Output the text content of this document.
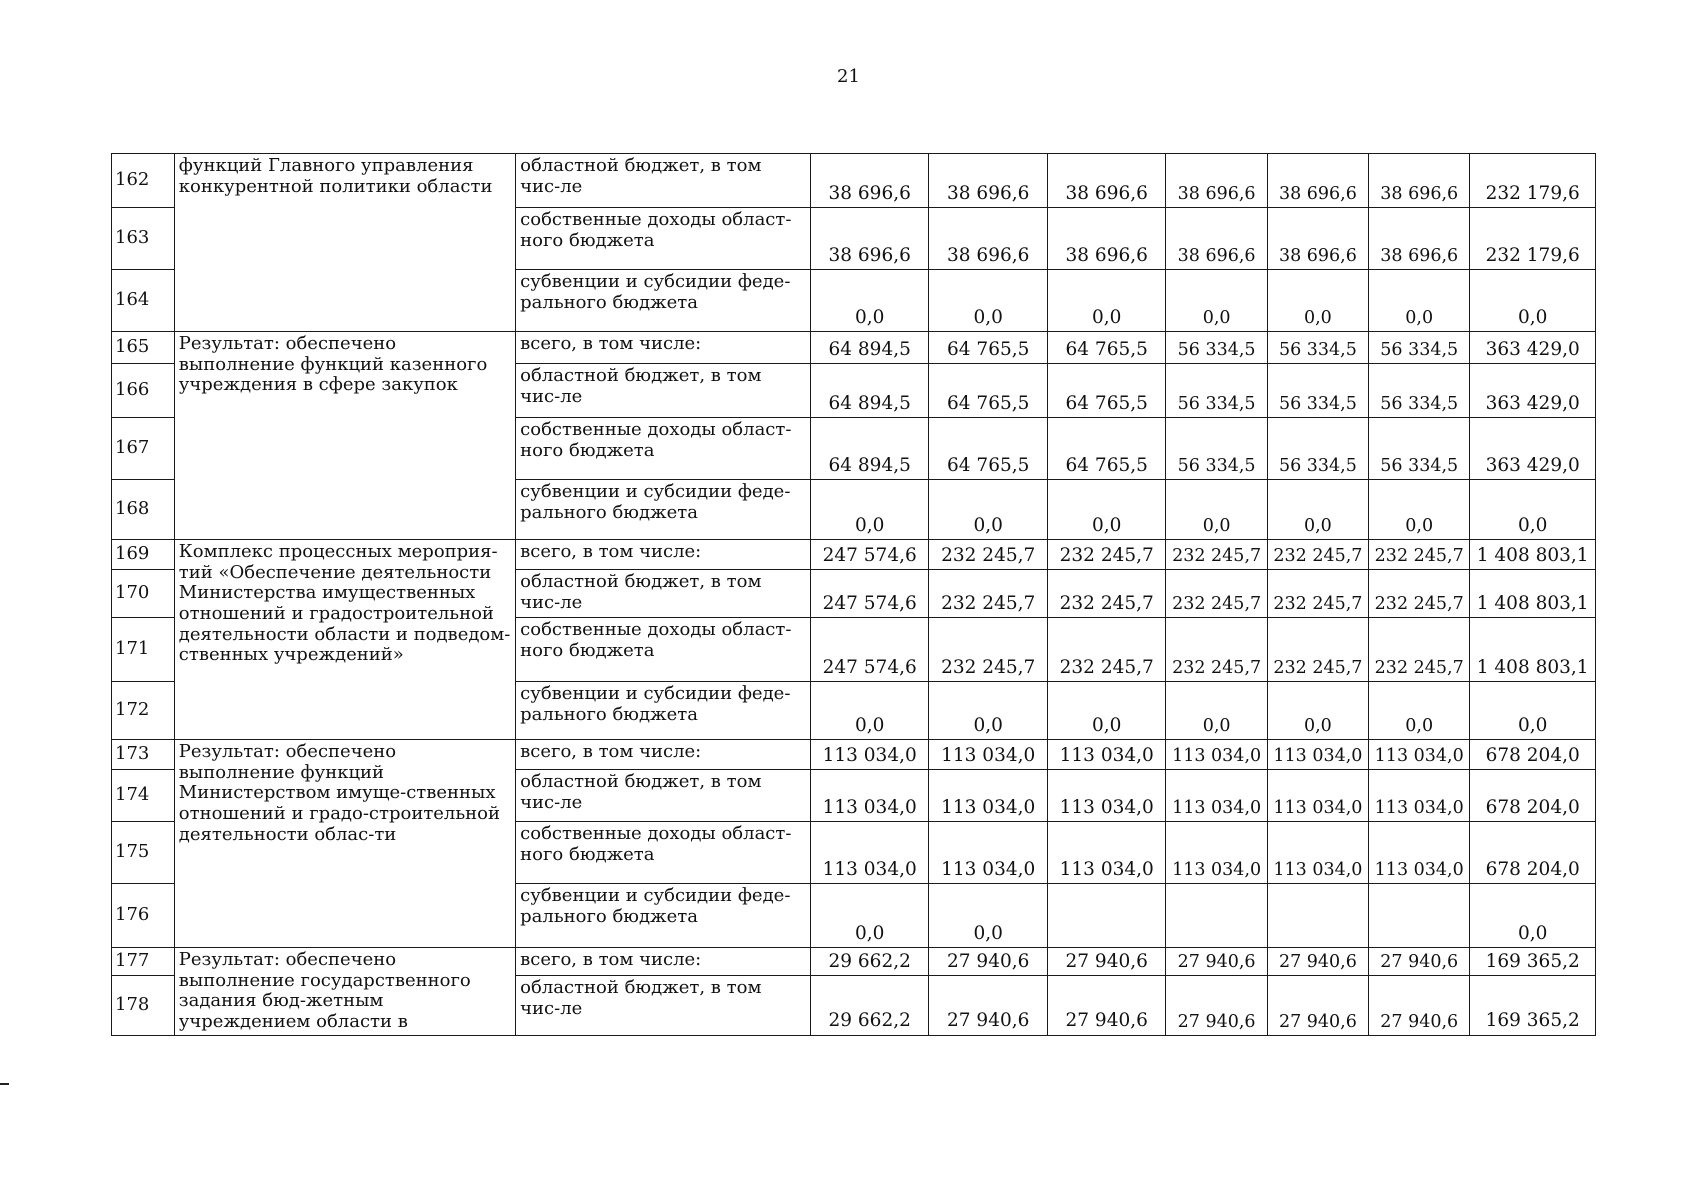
21
162	функций Главного управления конкурентной политики области	областной бюджет, в том чис-ле	38 696,6	38 696,6	38 696,6	38 696,6	38 696,6	38 696,6	232 179,6
163		собственные доходы област-ного бюджета	38 696,6	38 696,6	38 696,6	38 696,6	38 696,6	38 696,6	232 179,6
164		субвенции и субсидии феде-рального бюджета	0,0	0,0	0,0	0,0	0,0	0,0	0,0
165	Результат: обеспечено выполнение функций казенного учреждения в сфере закупок	всего, в том числе:	64 894,5	64 765,5	64 765,5	56 334,5	56 334,5	56 334,5	363 429,0
166		областной бюджет, в том чис-ле	64 894,5	64 765,5	64 765,5	56 334,5	56 334,5	56 334,5	363 429,0
167		собственные доходы област-ного бюджета	64 894,5	64 765,5	64 765,5	56 334,5	56 334,5	56 334,5	363 429,0
168		субвенции и субсидии феде-рального бюджета	0,0	0,0	0,0	0,0	0,0	0,0	0,0
169	Комплекс процессных мероприя-тий «Обеспечение деятельности Министерства имущественных отношений и градостроительной деятельности области и подведом-ственных учреждений»	всего, в том числе:	247 574,6	232 245,7	232 245,7	232 245,7	232 245,7	232 245,7	1 408 803,1
170		областной бюджет, в том чис-ле	247 574,6	232 245,7	232 245,7	232 245,7	232 245,7	232 245,7	1 408 803,1
171		собственные доходы област-ного бюджета	247 574,6	232 245,7	232 245,7	232 245,7	232 245,7	232 245,7	1 408 803,1
172		субвенции и субсидии феде-рального бюджета	0,0	0,0	0,0	0,0	0,0	0,0	0,0
173	Результат: обеспечено выполнение функций Министерством имуще-ственных отношений и градо-строительной деятельности облас-ти	всего, в том числе:	113 034,0	113 034,0	113 034,0	113 034,0	113 034,0	113 034,0	678 204,0
174		областной бюджет, в том чис-ле	113 034,0	113 034,0	113 034,0	113 034,0	113 034,0	113 034,0	678 204,0
175		собственные доходы област-ного бюджета	113 034,0	113 034,0	113 034,0	113 034,0	113 034,0	113 034,0	678 204,0
176		субвенции и субсидии феде-рального бюджета	0,0	0,0					0,0
177	Результат: обеспечено выполнение государственного задания бюд-жетным учреждением области в	всего, в том числе:	29 662,2	27 940,6	27 940,6	27 940,6	27 940,6	27 940,6	169 365,2
178		областной бюджет, в том чис-ле	29 662,2	27 940,6	27 940,6	27 940,6	27 940,6	27 940,6	169 365,2
